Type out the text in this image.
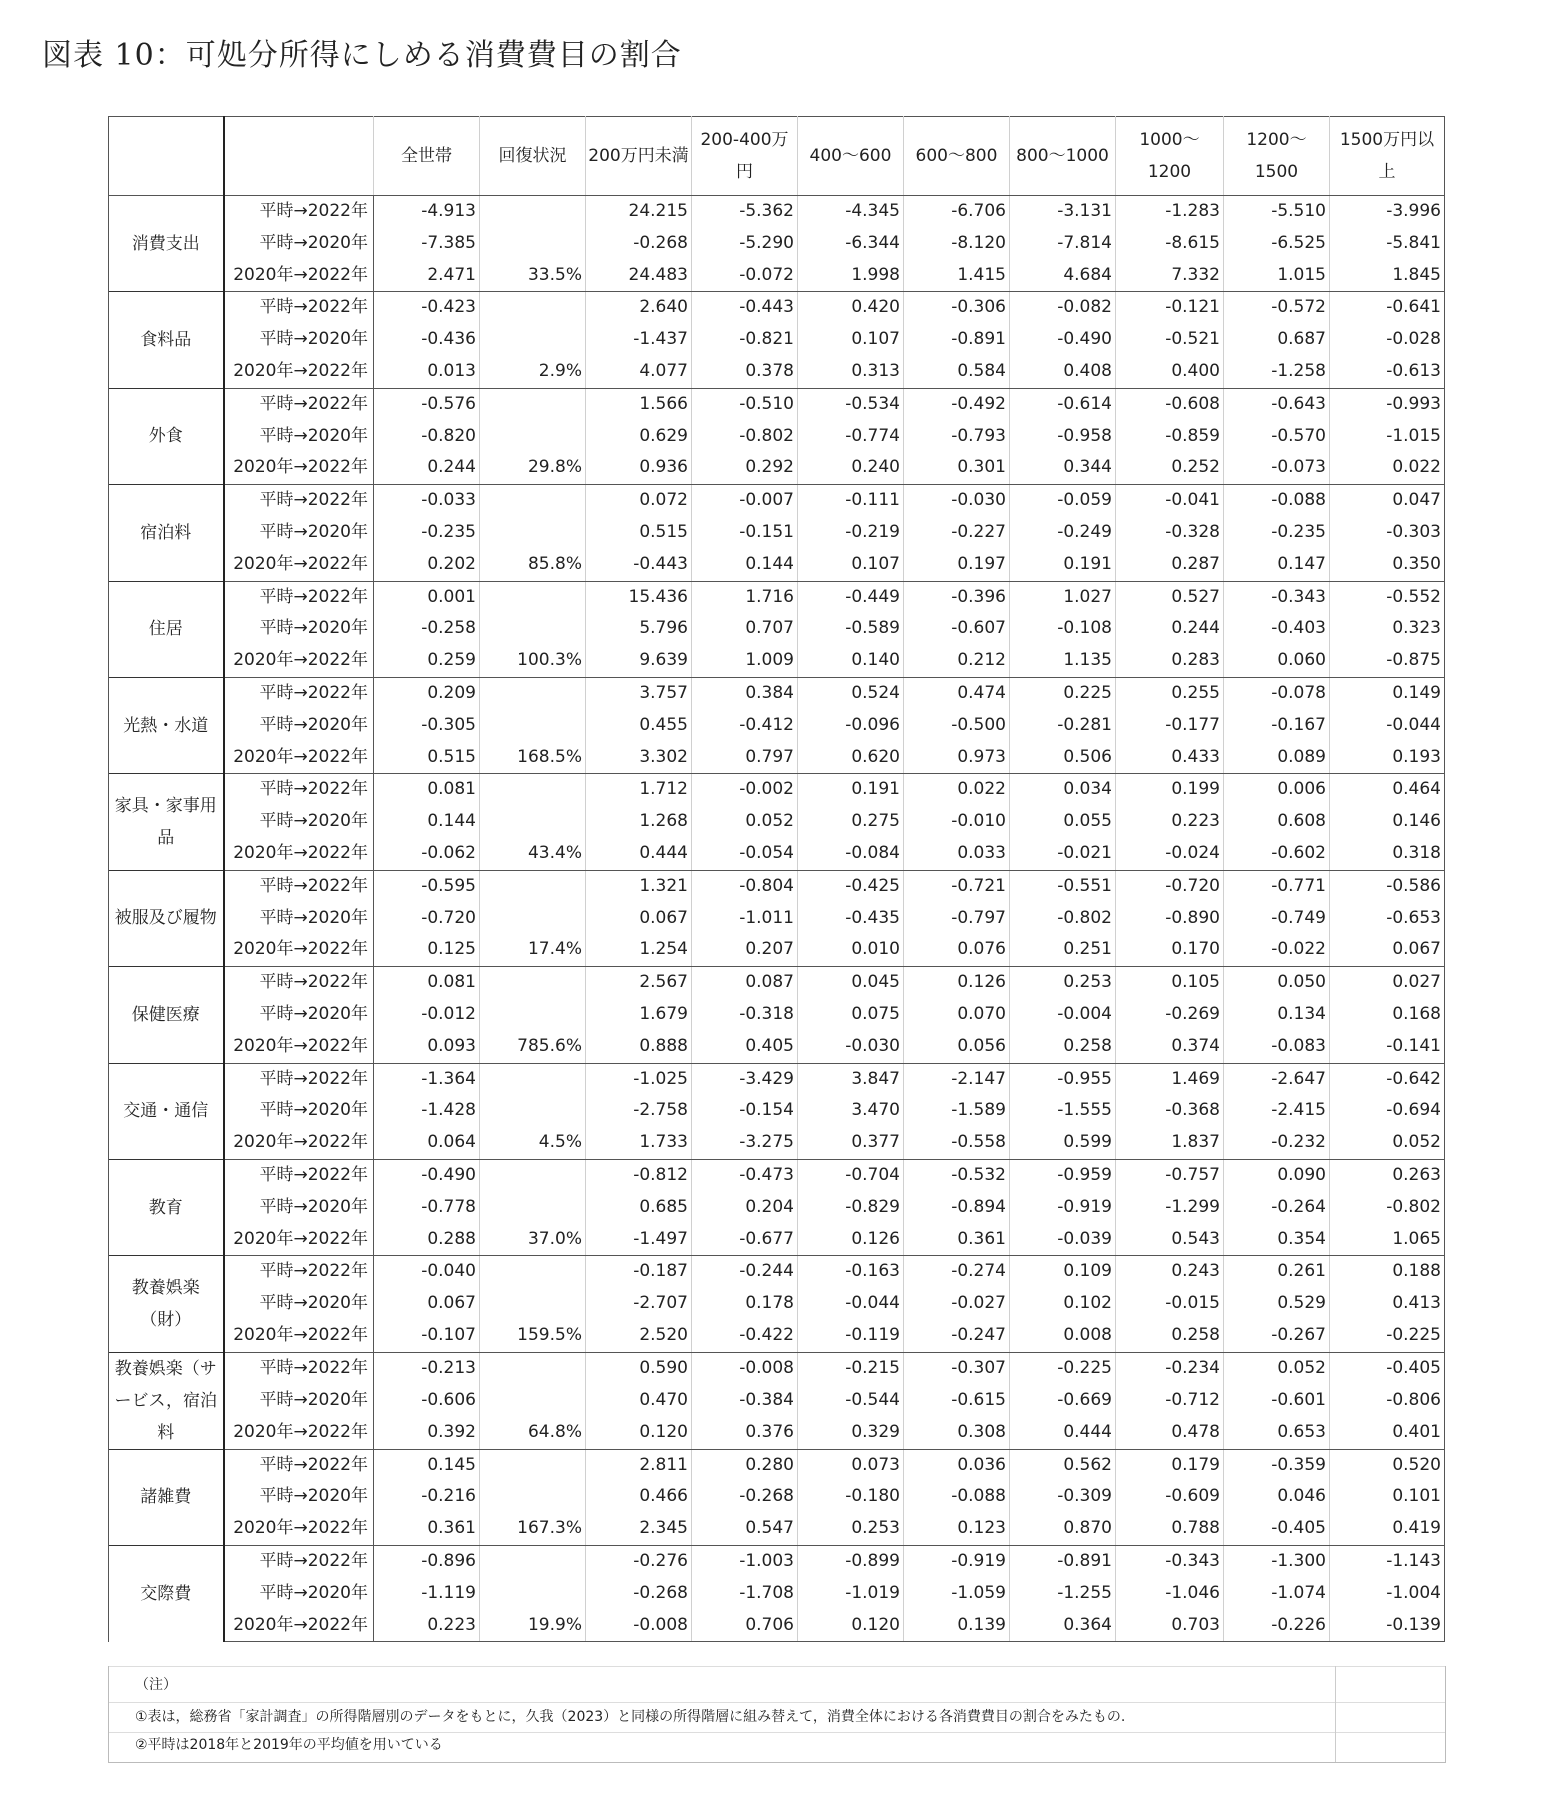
図表 10：可処分所得にしめる消費費目の割合
		全世帯	回復状況	200万円未満	200-400万円	400～600	600～800	800～1000	1000～1200	1200～1500	1500万円以上
消費支出	平時→2022年	-4.913		24.215	-5.362	-4.345	-6.706	-3.131	-1.283	-5.510	-3.996
	平時→2020年	-7.385		-0.268	-5.290	-6.344	-8.120	-7.814	-8.615	-6.525	-5.841
	2020年→2022年	2.471	33.5%	24.483	-0.072	1.998	1.415	4.684	7.332	1.015	1.845
食料品	平時→2022年	-0.423		2.640	-0.443	0.420	-0.306	-0.082	-0.121	-0.572	-0.641
	平時→2020年	-0.436		-1.437	-0.821	0.107	-0.891	-0.490	-0.521	0.687	-0.028
	2020年→2022年	0.013	2.9%	4.077	0.378	0.313	0.584	0.408	0.400	-1.258	-0.613
外食	平時→2022年	-0.576		1.566	-0.510	-0.534	-0.492	-0.614	-0.608	-0.643	-0.993
	平時→2020年	-0.820		0.629	-0.802	-0.774	-0.793	-0.958	-0.859	-0.570	-1.015
	2020年→2022年	0.244	29.8%	0.936	0.292	0.240	0.301	0.344	0.252	-0.073	0.022
宿泊料	平時→2022年	-0.033		0.072	-0.007	-0.111	-0.030	-0.059	-0.041	-0.088	0.047
	平時→2020年	-0.235		0.515	-0.151	-0.219	-0.227	-0.249	-0.328	-0.235	-0.303
	2020年→2022年	0.202	85.8%	-0.443	0.144	0.107	0.197	0.191	0.287	0.147	0.350
住居	平時→2022年	0.001		15.436	1.716	-0.449	-0.396	1.027	0.527	-0.343	-0.552
	平時→2020年	-0.258		5.796	0.707	-0.589	-0.607	-0.108	0.244	-0.403	0.323
	2020年→2022年	0.259	100.3%	9.639	1.009	0.140	0.212	1.135	0.283	0.060	-0.875
光熱・水道	平時→2022年	0.209		3.757	0.384	0.524	0.474	0.225	0.255	-0.078	0.149
	平時→2020年	-0.305		0.455	-0.412	-0.096	-0.500	-0.281	-0.177	-0.167	-0.044
	2020年→2022年	0.515	168.5%	3.302	0.797	0.620	0.973	0.506	0.433	0.089	0.193
家具・家事用品	平時→2022年	0.081		1.712	-0.002	0.191	0.022	0.034	0.199	0.006	0.464
	平時→2020年	0.144		1.268	0.052	0.275	-0.010	0.055	0.223	0.608	0.146
	2020年→2022年	-0.062	43.4%	0.444	-0.054	-0.084	0.033	-0.021	-0.024	-0.602	0.318
被服及び履物	平時→2022年	-0.595		1.321	-0.804	-0.425	-0.721	-0.551	-0.720	-0.771	-0.586
	平時→2020年	-0.720		0.067	-1.011	-0.435	-0.797	-0.802	-0.890	-0.749	-0.653
	2020年→2022年	0.125	17.4%	1.254	0.207	0.010	0.076	0.251	0.170	-0.022	0.067
保健医療	平時→2022年	0.081		2.567	0.087	0.045	0.126	0.253	0.105	0.050	0.027
	平時→2020年	-0.012		1.679	-0.318	0.075	0.070	-0.004	-0.269	0.134	0.168
	2020年→2022年	0.093	785.6%	0.888	0.405	-0.030	0.056	0.258	0.374	-0.083	-0.141
交通・通信	平時→2022年	-1.364		-1.025	-3.429	3.847	-2.147	-0.955	1.469	-2.647	-0.642
	平時→2020年	-1.428		-2.758	-0.154	3.470	-1.589	-1.555	-0.368	-2.415	-0.694
	2020年→2022年	0.064	4.5%	1.733	-3.275	0.377	-0.558	0.599	1.837	-0.232	0.052
教育	平時→2022年	-0.490		-0.812	-0.473	-0.704	-0.532	-0.959	-0.757	0.090	0.263
	平時→2020年	-0.778		0.685	0.204	-0.829	-0.894	-0.919	-1.299	-0.264	-0.802
	2020年→2022年	0.288	37.0%	-1.497	-0.677	0.126	0.361	-0.039	0.543	0.354	1.065
教養娯楽（財）	平時→2022年	-0.040		-0.187	-0.244	-0.163	-0.274	0.109	0.243	0.261	0.188
	平時→2020年	0.067		-2.707	0.178	-0.044	-0.027	0.102	-0.015	0.529	0.413
	2020年→2022年	-0.107	159.5%	2.520	-0.422	-0.119	-0.247	0.008	0.258	-0.267	-0.225
教養娯楽（サービス，宿泊料	平時→2022年	-0.213		0.590	-0.008	-0.215	-0.307	-0.225	-0.234	0.052	-0.405
	平時→2020年	-0.606		0.470	-0.384	-0.544	-0.615	-0.669	-0.712	-0.601	-0.806
	2020年→2022年	0.392	64.8%	0.120	0.376	0.329	0.308	0.444	0.478	0.653	0.401
諸雑費	平時→2022年	0.145		2.811	0.280	0.073	0.036	0.562	0.179	-0.359	0.520
	平時→2020年	-0.216		0.466	-0.268	-0.180	-0.088	-0.309	-0.609	0.046	0.101
	2020年→2022年	0.361	167.3%	2.345	0.547	0.253	0.123	0.870	0.788	-0.405	0.419
交際費	平時→2022年	-0.896		-0.276	-1.003	-0.899	-0.919	-0.891	-0.343	-1.300	-1.143
	平時→2020年	-1.119		-0.268	-1.708	-1.019	-1.059	-1.255	-1.046	-1.074	-1.004
	2020年→2022年	0.223	19.9%	-0.008	0.706	0.120	0.139	0.364	0.703	-0.226	-0.139
（注）
①表は，総務省「家計調査」の所得階層別のデータをもとに，久我（2023）と同様の所得階層に組み替えて，消費全体における各消費費目の割合をみたもの.
②平時は2018年と2019年の平均値を用いている
